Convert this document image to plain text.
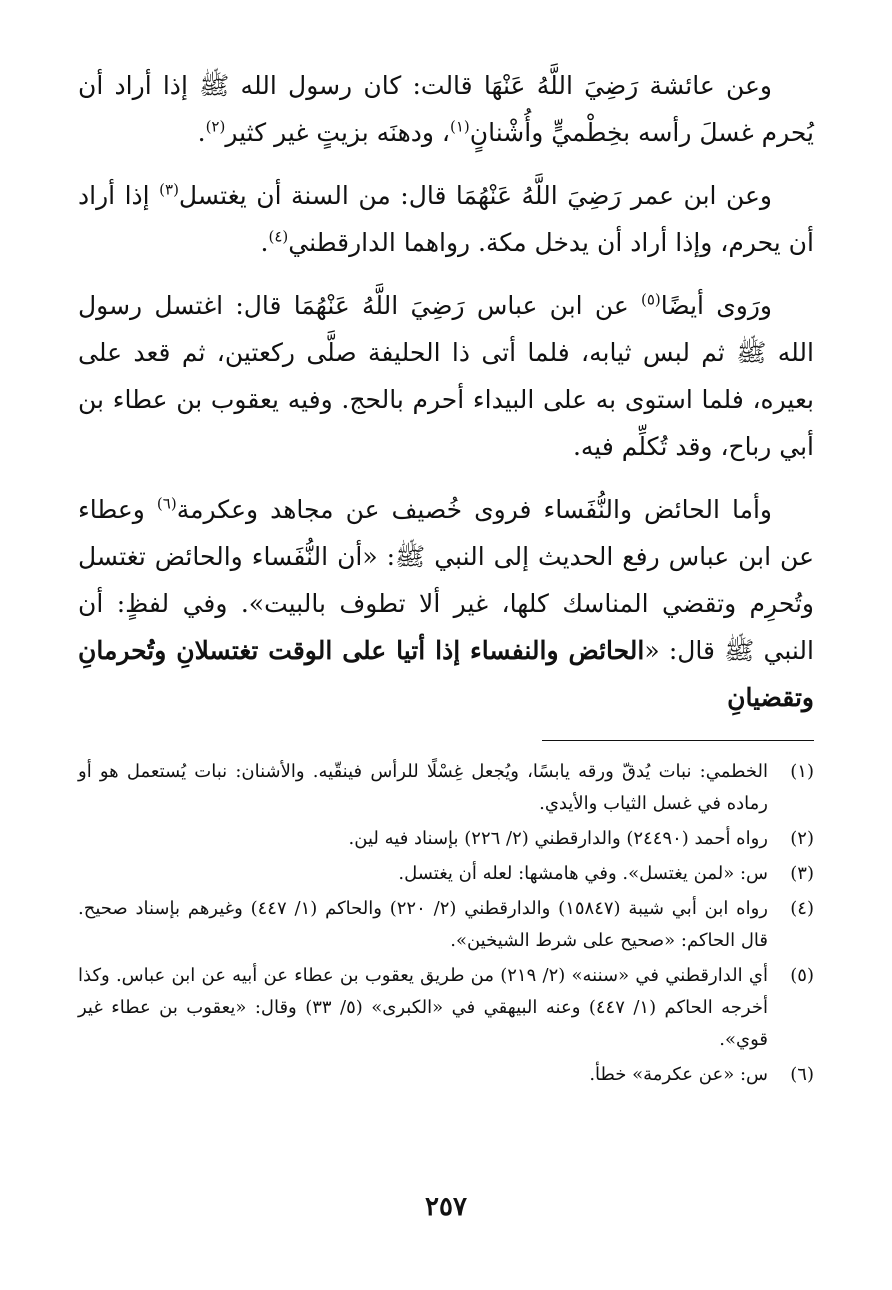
وعن عائشة رَضِيَ اللَّهُ عَنْهَا قالت: كان رسول الله ﷺ إذا أراد أن يُحرم غسلَ رأسه بخِطْميٍّ وأُشْنانٍ$^{(١)}$، ودهنَه بزيتٍ غير كثير$^{(٢)}$.

وعن ابن عمر رَضِيَ اللَّهُ عَنْهُمَا قال: من السنة أن يغتسل$^{(٣)}$ إذا أراد أن يحرم، وإذا أراد أن يدخل مكة. رواهما الدارقطني$^{(٤)}$.

ورَوى أيضًا$^{(٥)}$ عن ابن عباس رَضِيَ اللَّهُ عَنْهُمَا قال: اغتسل رسول الله ﷺ ثم لبس ثيابه، فلما أتى ذا الحليفة صلَّى ركعتين، ثم قعد على بعيره، فلما استوى به على البيداء أحرم بالحج. وفيه يعقوب بن عطاء بن أبي رباح، وقد تُكلِّم فيه.

وأما الحائض والنُّفَساء فروى خُصيف عن مجاهد وعكرمة$^{(٦)}$ وعطاء عن ابن عباس رفع الحديث إلى النبي ﷺ: «أن النُّفَساء والحائض تغتسل وتُحرِم وتقضي المناسك كلها، غير ألا تطوف بالبيت». وفي لفظٍ: أن النبي ﷺ قال: «الحائض والنفساء إذا أتيا على الوقت تغتسلانِ وتُحرمانِ وتقضيانِ

(١)
الخطمي: نبات يُدقّ ورقه يابسًا، ويُجعل غِسْلًا للرأس فينقّيه. والأشنان: نبات يُستعمل هو أو رماده في غسل الثياب والأيدي.
(٢)
رواه أحمد (٢٤٤٩٠) والدارقطني (٢/ ٢٢٦) بإسناد فيه لين.
(٣)
س: «لمن يغتسل». وفي هامشها: لعله أن يغتسل.
(٤)
رواه ابن أبي شيبة (١٥٨٤٧) والدارقطني (٢/ ٢٢٠) والحاكم (١/ ٤٤٧) وغيرهم بإسناد صحيح. قال الحاكم: «صحيح على شرط الشيخين».
(٥)
أي الدارقطني في «سننه» (٢/ ٢١٩) من طريق يعقوب بن عطاء عن أبيه عن ابن عباس. وكذا أخرجه الحاكم (١/ ٤٤٧) وعنه البيهقي في «الكبرى» (٥/ ٣٣) وقال: «يعقوب بن عطاء غير قوي».
(٦)
س: «عن عكرمة» خطأ.
٢٥٧
